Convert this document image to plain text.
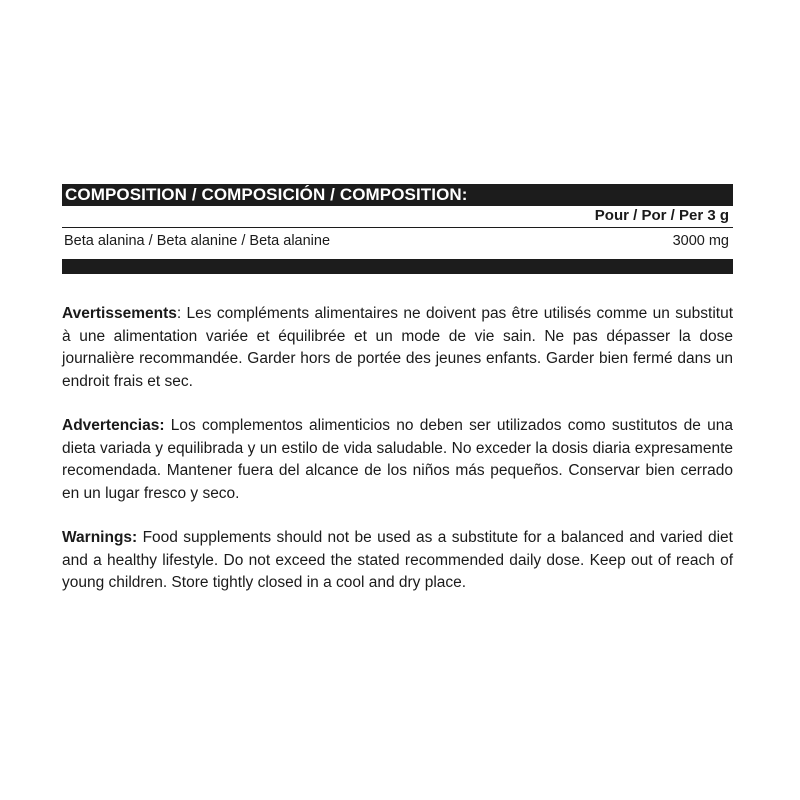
COMPOSITION / COMPOSICIÓN / COMPOSITION:
Pour / Por / Per 3 g
Beta alanina / Beta alanine / Beta alanine	3000 mg

Avertissements: Les compléments alimentaires ne doivent pas être utilisés comme un substitut à une alimentation variée et équilibrée et un mode de vie sain. Ne pas dépasser la dose journalière recommandée. Garder hors de portée des jeunes enfants. Garder bien fermé dans un endroit frais et sec.

Advertencias: Los complementos alimenticios no deben ser utilizados como sustitutos de una dieta variada y equilibrada y un estilo de vida saludable. No exceder la dosis diaria expresamente recomendada. Mantener fuera del alcance de los niños más pequeños. Conservar bien cerrado en un lugar fresco y seco.

Warnings: Food supplements should not be used as a substitute for a balanced and varied diet and a healthy lifestyle. Do not exceed the stated recommended daily dose. Keep out of reach of young children. Store tightly closed in a cool and dry place.
